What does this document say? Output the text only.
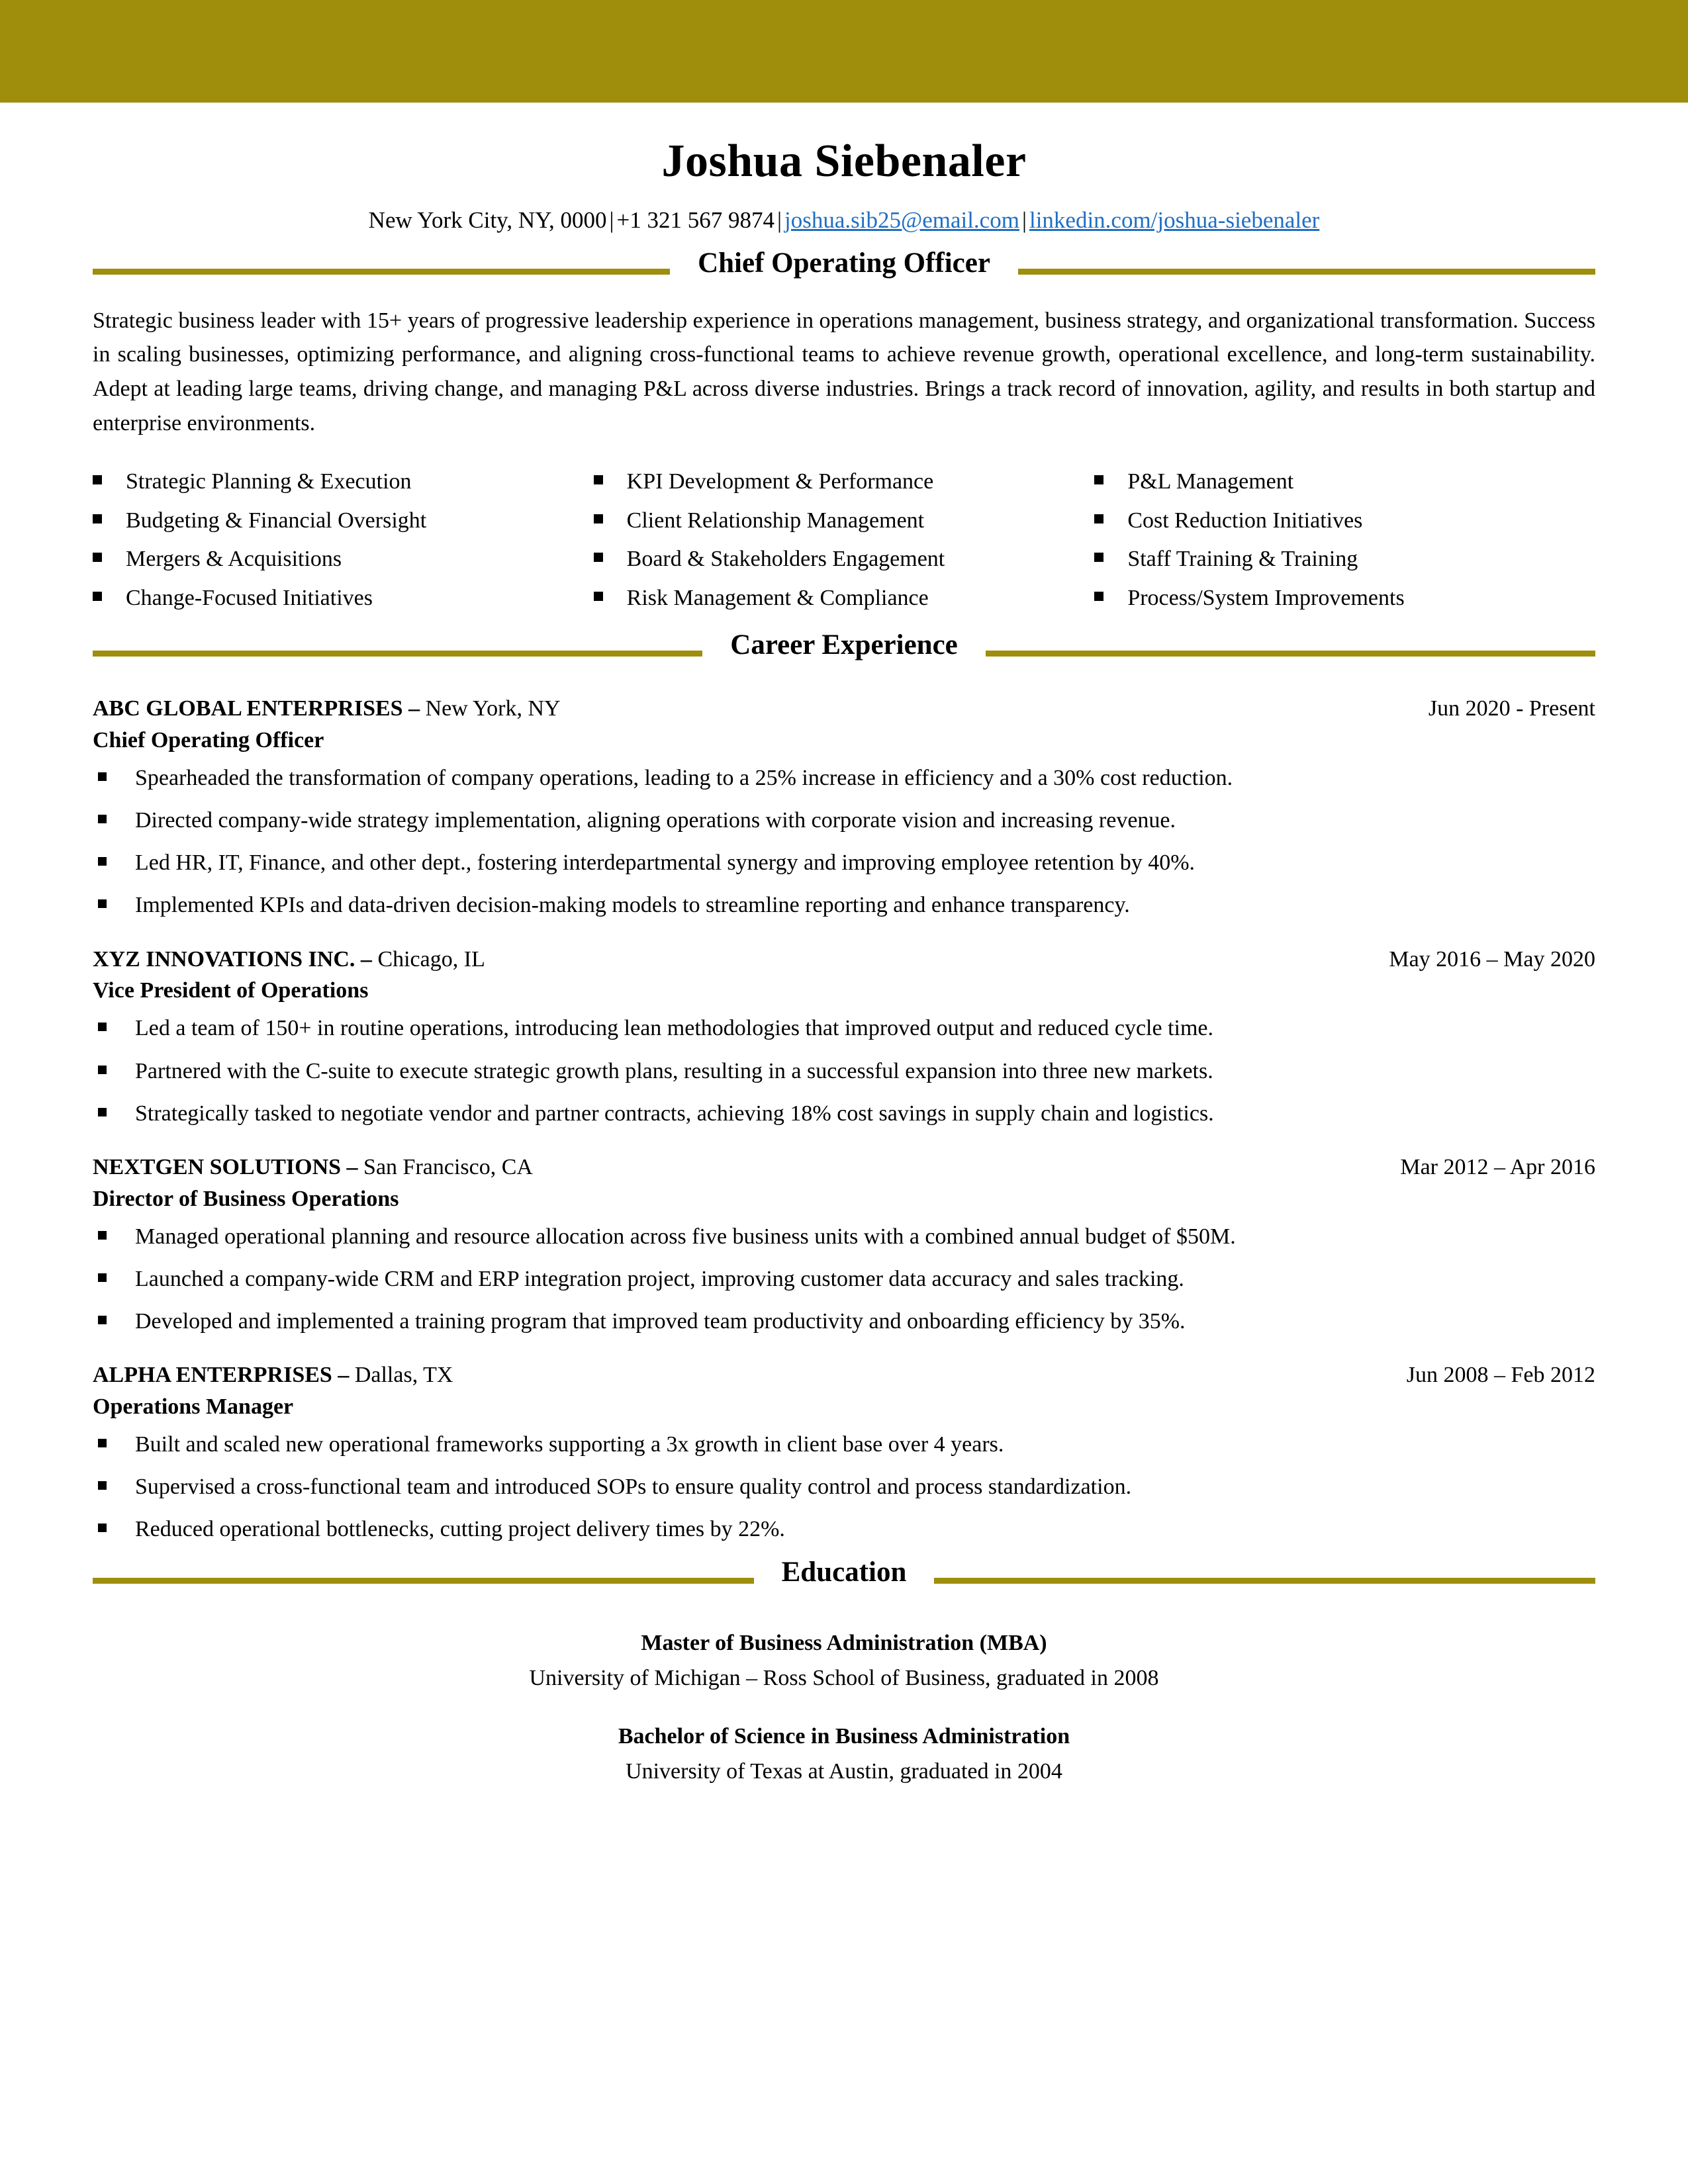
Joshua Siebenaler
New York City, NY, 0000 | +1 321 567 9874 | joshua.sib25@email.com | linkedin.com/joshua-siebenaler
Chief Operating Officer
Strategic business leader with 15+ years of progressive leadership experience in operations management, business strategy, and organizational transformation. Success in scaling businesses, optimizing performance, and aligning cross-functional teams to achieve revenue growth, operational excellence, and long-term sustainability. Adept at leading large teams, driving change, and managing P&L across diverse industries. Brings a track record of innovation, agility, and results in both startup and enterprise environments.
Strategic Planning & Execution	KPI Development & Performance	P&L Management
Budgeting & Financial Oversight	Client Relationship Management	Cost Reduction Initiatives
Mergers & Acquisitions	Board & Stakeholders Engagement	Staff Training & Training
Change-Focused Initiatives	Risk Management & Compliance	Process/System Improvements
Career Experience
ABC GLOBAL ENTERPRISES – New York, NY	Jun 2020 - Present
Chief Operating Officer
Spearheaded the transformation of company operations, leading to a 25% increase in efficiency and a 30% cost reduction.
Directed company-wide strategy implementation, aligning operations with corporate vision and increasing revenue.
Led HR, IT, Finance, and other dept., fostering interdepartmental synergy and improving employee retention by 40%.
Implemented KPIs and data-driven decision-making models to streamline reporting and enhance transparency.
XYZ INNOVATIONS INC. – Chicago, IL	May 2016 – May 2020
Vice President of Operations
Led a team of 150+ in routine operations, introducing lean methodologies that improved output and reduced cycle time.
Partnered with the C-suite to execute strategic growth plans, resulting in a successful expansion into three new markets.
Strategically tasked to negotiate vendor and partner contracts, achieving 18% cost savings in supply chain and logistics.
NEXTGEN SOLUTIONS – San Francisco, CA	Mar 2012 – Apr 2016
Director of Business Operations
Managed operational planning and resource allocation across five business units with a combined annual budget of $50M.
Launched a company-wide CRM and ERP integration project, improving customer data accuracy and sales tracking.
Developed and implemented a training program that improved team productivity and onboarding efficiency by 35%.
ALPHA ENTERPRISES – Dallas, TX	Jun 2008 – Feb 2012
Operations Manager
Built and scaled new operational frameworks supporting a 3x growth in client base over 4 years.
Supervised a cross-functional team and introduced SOPs to ensure quality control and process standardization.
Reduced operational bottlenecks, cutting project delivery times by 22%.
Education
Master of Business Administration (MBA)
University of Michigan – Ross School of Business, graduated in 2008
Bachelor of Science in Business Administration
University of Texas at Austin, graduated in 2004
